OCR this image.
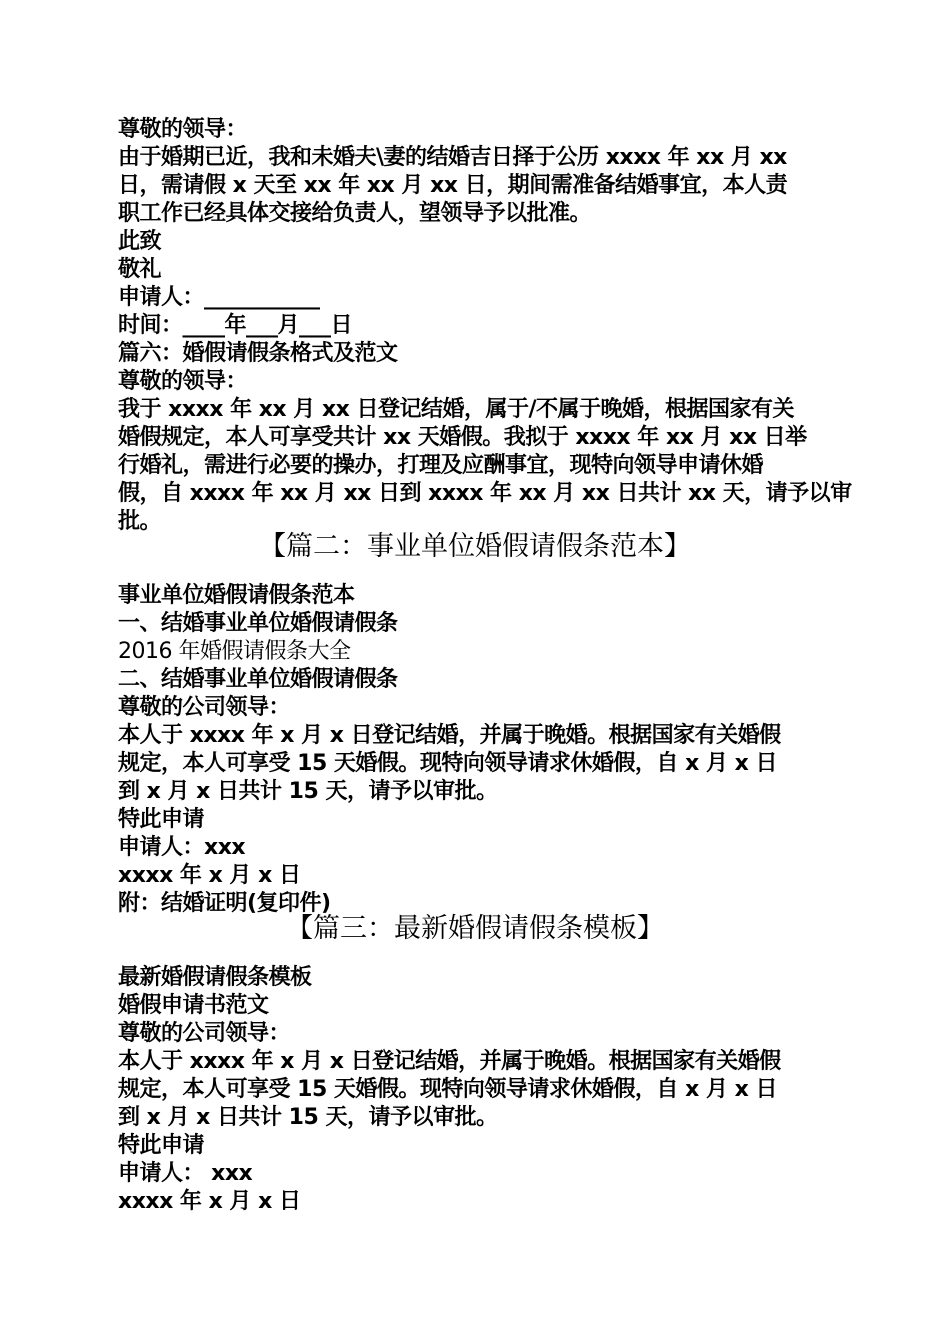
尊敬的领导：

由于婚期已近，我和未婚夫\妻的结婚吉日择于公历 xxxx 年 xx 月 xx

日，需请假 x 天至 xx 年 xx 月 xx 日，期间需准备结婚事宜，本人责

职工作已经具体交接给负责人，望领导予以批准。

此致

敬礼

申请人：___________

时间：____年___月___日

篇六：婚假请假条格式及范文

尊敬的领导：

我于 xxxx 年 xx 月 xx 日登记结婚，属于/不属于晚婚，根据国家有关

婚假规定，本人可享受共计 xx 天婚假。我拟于 xxxx 年 xx 月 xx 日举

行婚礼，需进行必要的操办，打理及应酬事宜，现特向领导申请休婚

假，自 xxxx 年 xx 月 xx 日到 xxxx 年 xx 月 xx 日共计 xx 天，请予以审

批。

【篇二：事业单位婚假请假条范本】

事业单位婚假请假条范本

一、结婚事业单位婚假请假条

2016 年婚假请假条大全

二、结婚事业单位婚假请假条

尊敬的公司领导：

本人于 xxxx 年 x 月 x 日登记结婚，并属于晚婚。根据国家有关婚假

规定，本人可享受 15 天婚假。现特向领导请求休婚假，自 x 月 x 日

到 x 月 x 日共计 15 天，请予以审批。

特此申请

申请人：xxx

xxxx 年 x 月 x 日

附：结婚证明(复印件)

【篇三：最新婚假请假条模板】

最新婚假请假条模板

婚假申请书范文

尊敬的公司领导：

本人于 xxxx 年 x 月 x 日登记结婚，并属于晚婚。根据国家有关婚假

规定，本人可享受 15 天婚假。现特向领导请求休婚假，自 x 月 x 日

到 x 月 x 日共计 15 天，请予以审批。

特此申请

申请人： xxx

xxxx 年 x 月 x 日
